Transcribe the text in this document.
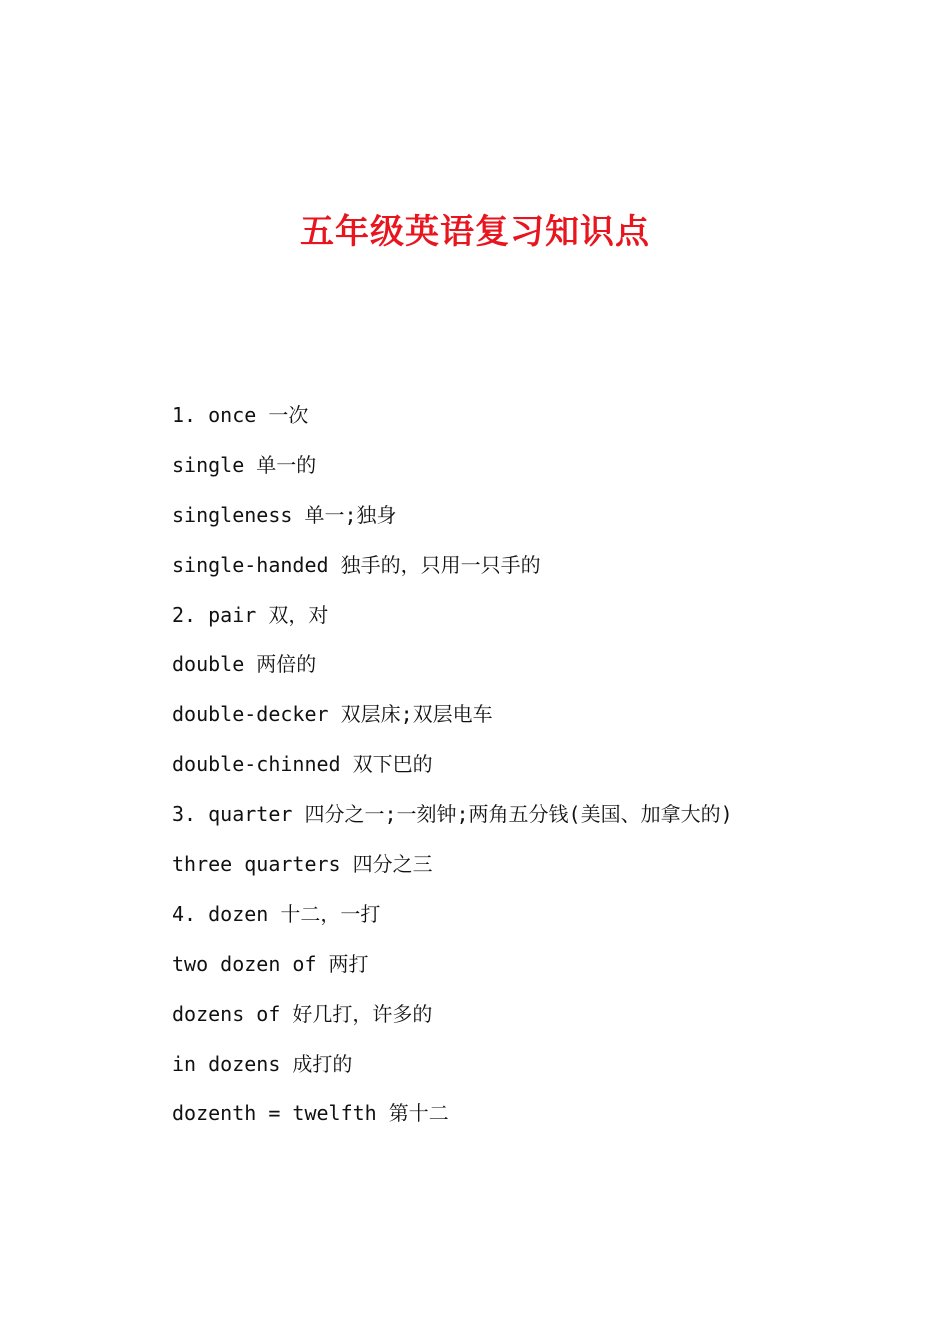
五年级英语复习知识点
1. once 一次
single 单一的
singleness 单一;独身
single-handed 独手的，只用一只手的
2. pair 双，对
double 两倍的
double-decker 双层床;双层电车
double-chinned 双下巴的
3. quarter 四分之一;一刻钟;两角五分钱(美国、加拿大的)
three quarters 四分之三
4. dozen 十二，一打
two dozen of 两打
dozens of 好几打，许多的
in dozens 成打的
dozenth = twelfth 第十二
